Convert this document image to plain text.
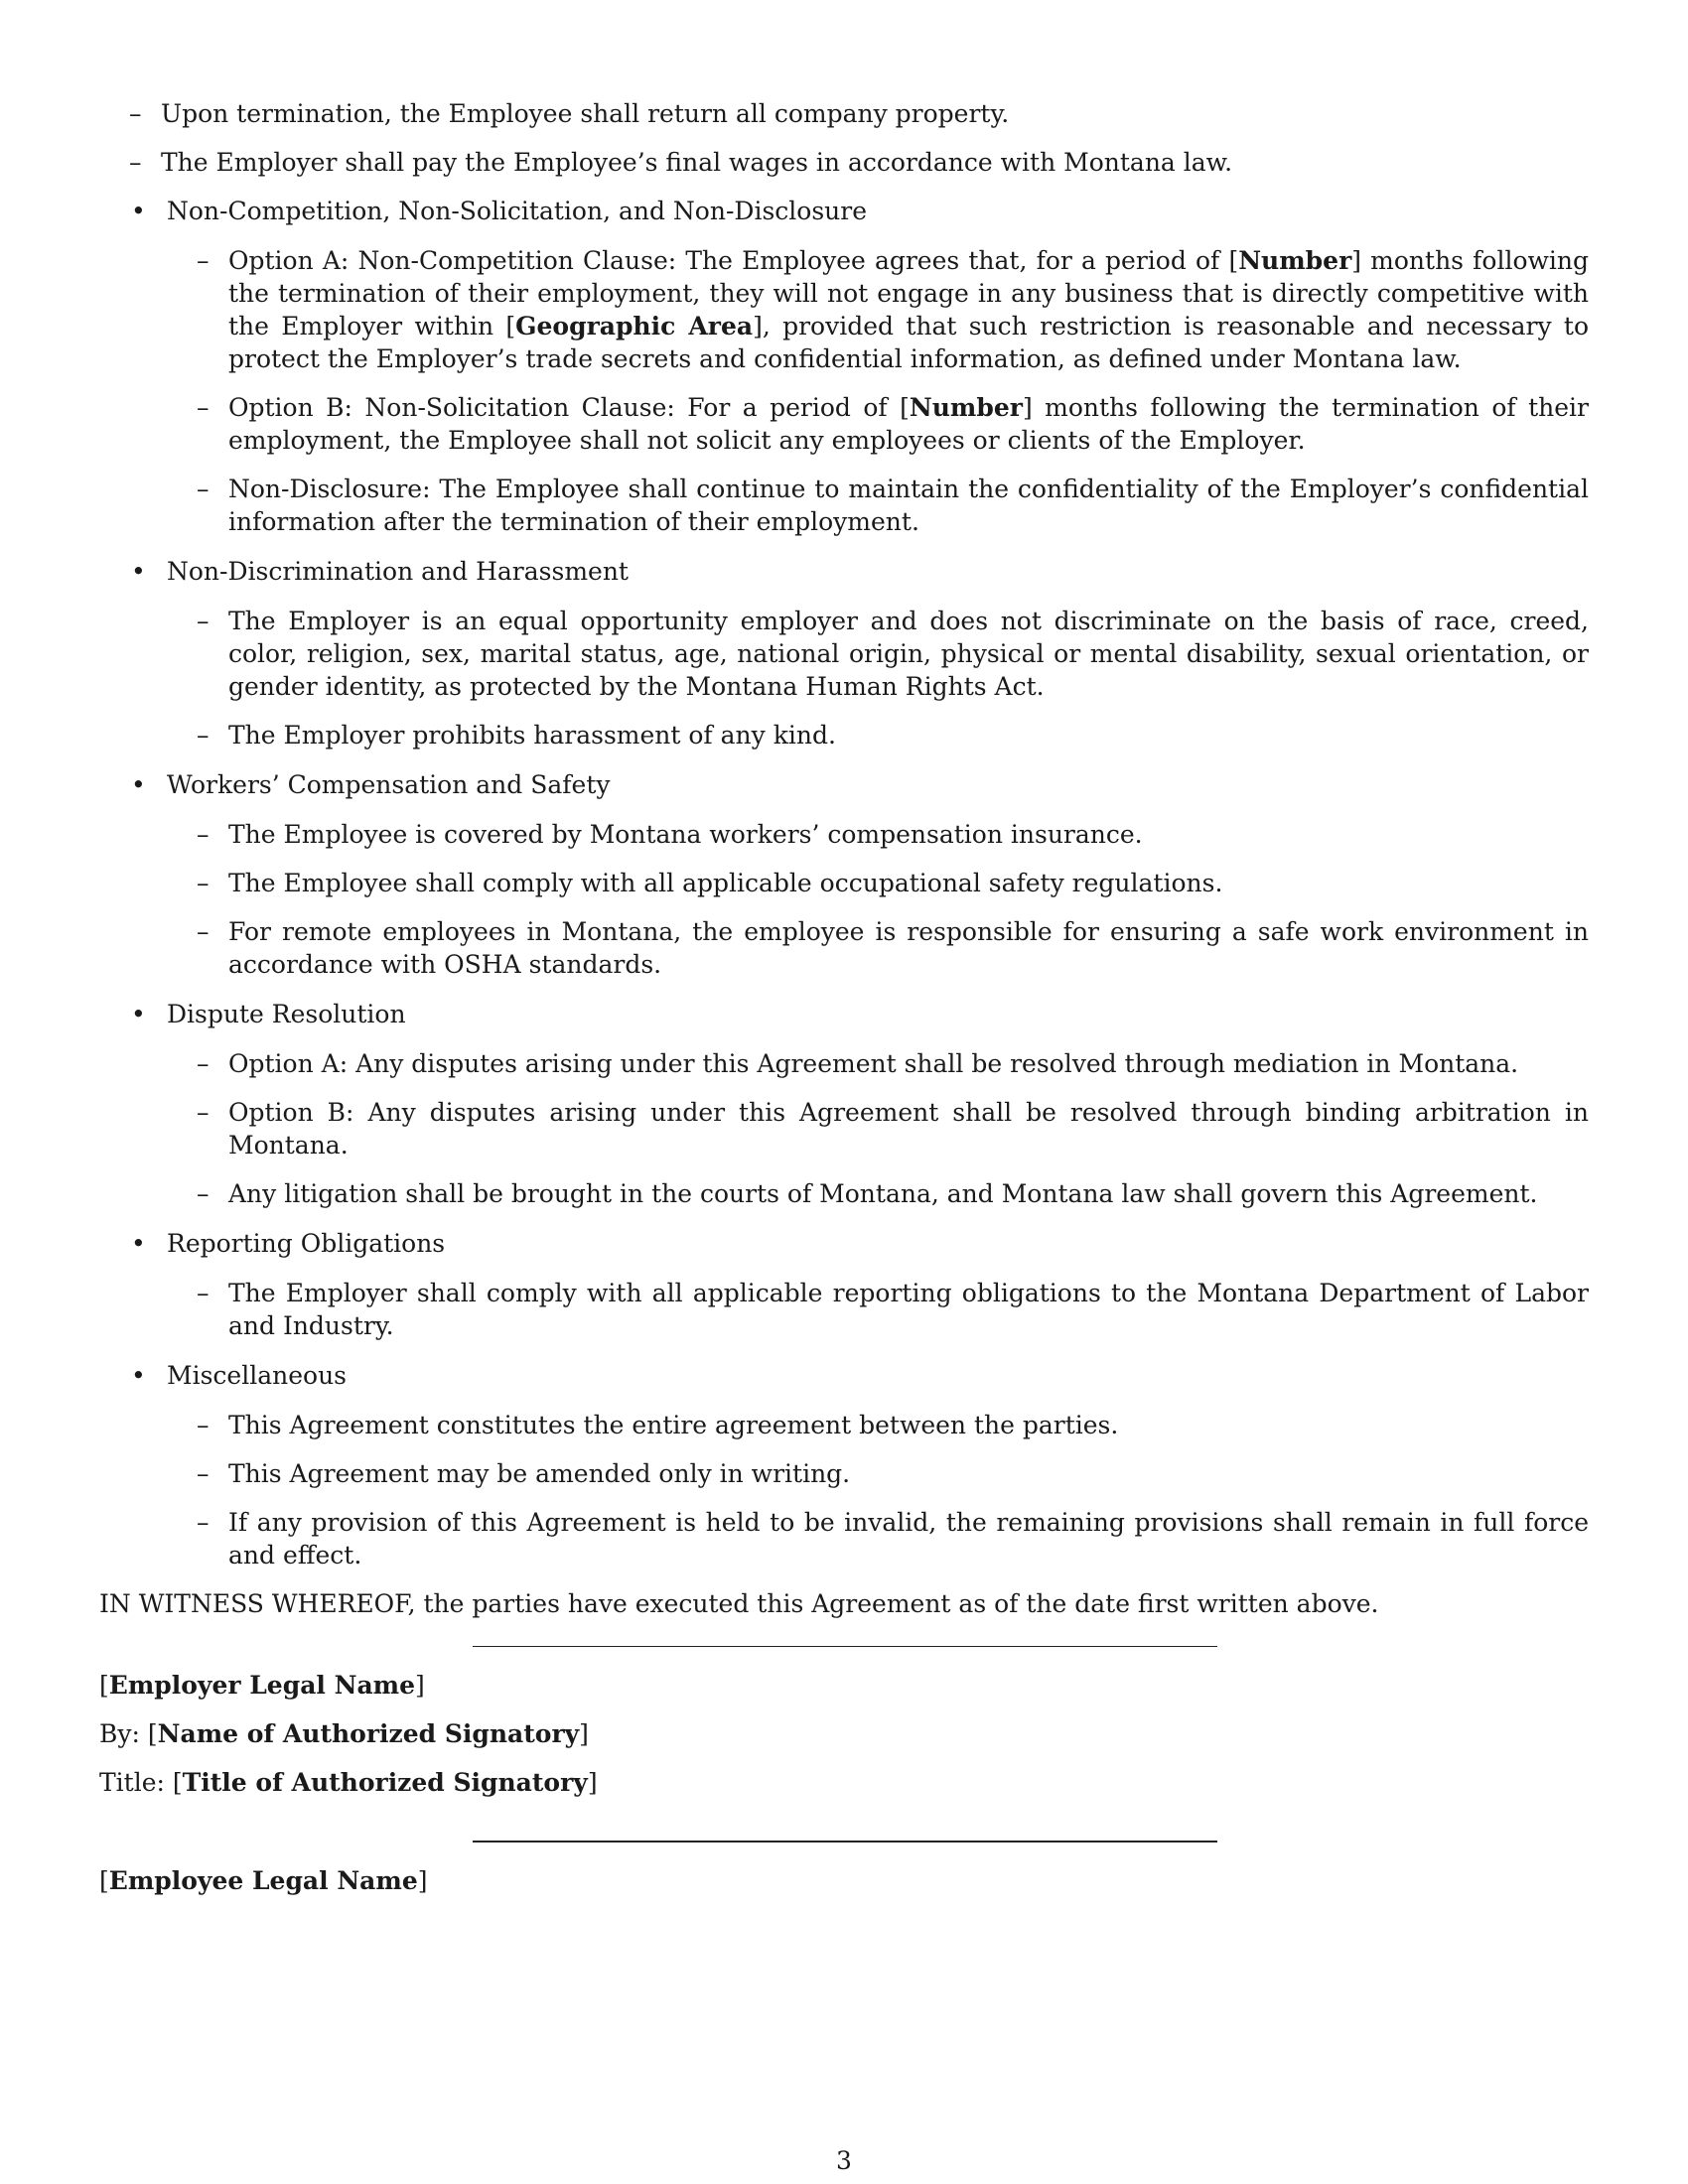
– Upon termination, the Employee shall return all company property.
– The Employer shall pay the Employee’s final wages in accordance with Montana law.
• Non-Competition, Non-Solicitation, and Non-Disclosure
– Option A: Non-Competition Clause: The Employee agrees that, for a period of [Number] months following the termination of their employment, they will not engage in any business that is directly competitive with the Employer within [Geographic Area], provided that such restriction is reasonable and necessary to protect the Employer’s trade secrets and confidential information, as defined under Montana law.
– Option B: Non-Solicitation Clause: For a period of [Number] months following the termination of their employment, the Employee shall not solicit any employees or clients of the Employer.
– Non-Disclosure: The Employee shall continue to maintain the confidentiality of the Employer’s confidential information after the termination of their employment.
• Non-Discrimination and Harassment
– The Employer is an equal opportunity employer and does not discriminate on the basis of race, creed, color, religion, sex, marital status, age, national origin, physical or mental disability, sexual orientation, or gender identity, as protected by the Montana Human Rights Act.
– The Employer prohibits harassment of any kind.
• Workers’ Compensation and Safety
– The Employee is covered by Montana workers’ compensation insurance.
– The Employee shall comply with all applicable occupational safety regulations.
– For remote employees in Montana, the employee is responsible for ensuring a safe work environment in accordance with OSHA standards.
• Dispute Resolution
– Option A: Any disputes arising under this Agreement shall be resolved through mediation in Montana.
– Option B: Any disputes arising under this Agreement shall be resolved through binding arbitration in Montana.
– Any litigation shall be brought in the courts of Montana, and Montana law shall govern this Agreement.
• Reporting Obligations
– The Employer shall comply with all applicable reporting obligations to the Montana Department of Labor and Industry.
• Miscellaneous
– This Agreement constitutes the entire agreement between the parties.
– This Agreement may be amended only in writing.
– If any provision of this Agreement is held to be invalid, the remaining provisions shall remain in full force and effect.
IN WITNESS WHEREOF, the parties have executed this Agreement as of the date first written above.
[Employer Legal Name]
By: [Name of Authorized Signatory]
Title: [Title of Authorized Signatory]
[Employee Legal Name]
3
